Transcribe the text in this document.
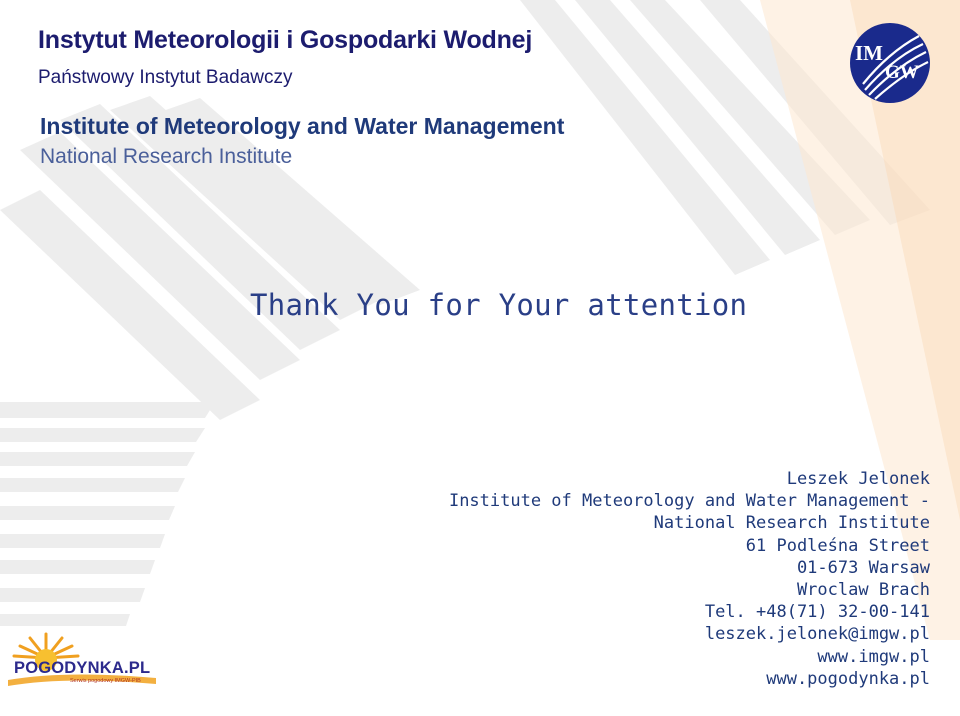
Instytut Meteorologii i Gospodarki Wodnej
Państwowy Instytut Badawczy
Institute of Meteorology and Water Management
National Research Institute
IM
GW
Thank You for Your attention
Leszek Jelonek
Institute of Meteorology and Water Management -
National Research Institute
61 Podleśna Street
01-673 Warsaw
Wroclaw Brach
Tel. +48(71) 32-00-141
leszek.jelonek@imgw.pl
www.imgw.pl
www.pogodynka.pl
POGODYNKA.PL
Serwis pogodowy IMGW-PIB
